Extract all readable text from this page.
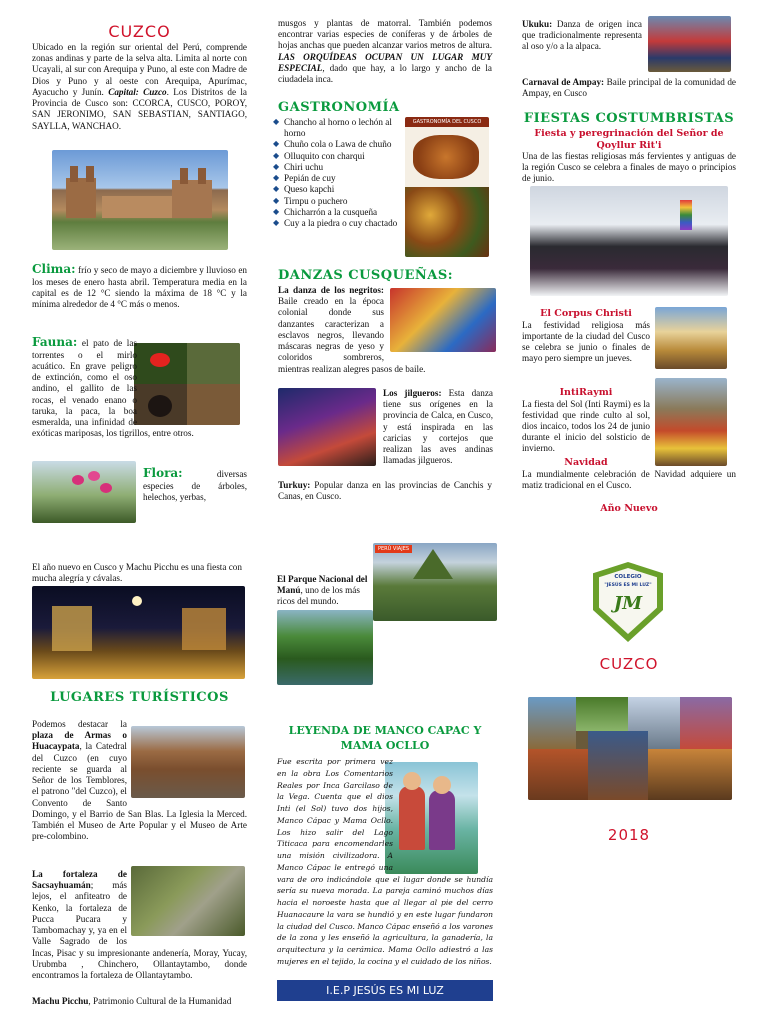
CUZCO
Ubicado en la región sur oriental del Perú, comprende zonas andinas y parte de la selva alta. Limita al norte con Ucayali, al sur con Arequipa y Puno, al este con Madre de Dios y Puno y al oeste con Arequipa, Apurímac, Ayacucho y Junín. Capital: Cuzco. Los Distritos de la Provincia de Cusco son: CCORCA, CUSCO, POROY, SAN JERONIMO, SAN SEBASTIAN, SANTIAGO, SAYLLA, WANCHAO.
Clima: frío y seco de mayo a diciembre y lluvioso en los meses de enero hasta abril. Temperatura media en la capital es de 12 °C siendo la máxima de 18 °C y la mínima alrededor de 4 °C más o menos.
Fauna: el pato de las torrentes o el mirlo acuático. En grave peligro de extinción, como el oso andino, el gallito de las rocas, el venado enano o taruka, la paca, la boa esmeralda, una infinidad de exóticas mariposas, los tigrillos, entre otros.
Flora: diversas especies de árboles, helechos, yerbas,
musgos y plantas de matorral. También podemos encontrar varias especies de coníferas y de árboles de hojas anchas que pueden alcanzar varios metros de altura. LAS ORQUÍDEAS OCUPAN UN LUGAR MUY ESPECIAL, dado que hay, a lo largo y ancho de la ciudadela inca.
GASTRONOMÍA
◆ Chancho al horno o lechón al horno
◆ Chuño cola o Lawa de chuño
◆ Olluquito con charqui
◆ Chiri uchu
◆ Pepián de cuy
◆ Queso kapchi
◆ Tirnpu o puchero
◆ Chicharrón a la cusqueña
◆ Cuy a la piedra o cuy chactado
GASTRONOMÍA DEL CUSCO
DANZAS CUSQUEÑAS:
La danza de los negritos: Baile creado en la época colonial donde sus danzantes caracterizan a esclavos negros, llevando máscaras negras de yeso y coloridos sombreros, mientras realizan alegres pasos de baile.
Los jilgueros: Esta danza tiene sus orígenes en la provincia de Calca, en Cusco, y está inspirada en las caricias y cortejos que realizan las aves andinas llamadas jilgueros.
Turkuy: Popular danza en las provincias de Canchis y Canas, en Cusco.
Ukuku: Danza de origen inca que tradicionalmente representa al oso y/o a la alpaca.
Carnaval de Ampay: Baile principal de la comunidad de Ampay, en Cusco
FIESTAS COSTUMBRISTAS
Fiesta y peregrinación del Señor de Qoyllur Rit'i
Una de las fiestas religiosas más fervientes y antiguas de la región Cusco se celebra a finales de mayo o principios de junio.
El Corpus Christi
La festividad religiosa más importante de la ciudad del Cusco se celebra se junio o finales de mayo pero siempre un jueves.
IntiRaymi
La fiesta del Sol (Inti Raymi) es la festividad que rinde culto al sol, dios incaico, todos los 24 de junio durante el inicio del solsticio de invierno.
Navidad
La mundialmente celebración de Navidad adquiere un matiz tradicional en el Cusco.
Año Nuevo
El año nuevo en Cusco y Machu Picchu es una fiesta con mucha alegría y cávalas.
LUGARES TURÍSTICOS
Podemos destacar la plaza de Armas o Huacaypata, la Catedral del Cuzco (en cuyo reciente se guarda al Señor de los Temblores, el patrono "del Cuzco), el Convento de Santo Domingo, y el Barrio de San Blas. La Iglesia la Merced. También el Museo de Arte Popular y el Museo de Arte pre-colombino.
La fortaleza de Sacsayhuamán; más lejos, el anfiteatro de Kenko, la fortaleza de Pucca Pucara y Tambomachay y, ya en el Valle Sagrado de los Incas, Pisac y su impresionante andenería, Moray, Yucay, Urubmba , Chinchero, Ollantaytambo, donde encontramos la fortaleza de Ollantaytambo.
Machu Picchu, Patrimonio Cultural de la Humanidad
PERÚ VIAJES
El Parque Nacional del Manú, uno de los más ricos del mundo.
LEYENDA DE MANCO CAPAC Y MAMA OCLLO
Fue escrita por primera vez en la obra Los Comentarios Reales por Inca Garcilaso de la Vega. Cuenta que el dios Inti (el Sol) tuvo dos hijos, Manco Cápac y Mama Ocllo. Los hizo salir del Lago Titicaca para encomendarles una misión civilizadora. A Manco Cápac le entregó una vara de oro indicándole que el lugar donde se hundía sería su nueva morada. La pareja caminó muchos días hacia el noroeste hasta que al llegar al pie del cerro Huanacaure la vara se hundió y en este lugar fundaron la ciudad del Cusco. Manco Cápac enseñó a los varones de la zona y les enseñó la agricultura, la ganadería, la arquitectura y la cerámica. Mama Ocllo adiestró a las mujeres en el tejido, la cocina y el cuidado de los niños.
I.E.P JESÚS ES MI LUZ
COLEGIO
"JESÚS ES MI LUZ"
JM
CUZCO
2018
